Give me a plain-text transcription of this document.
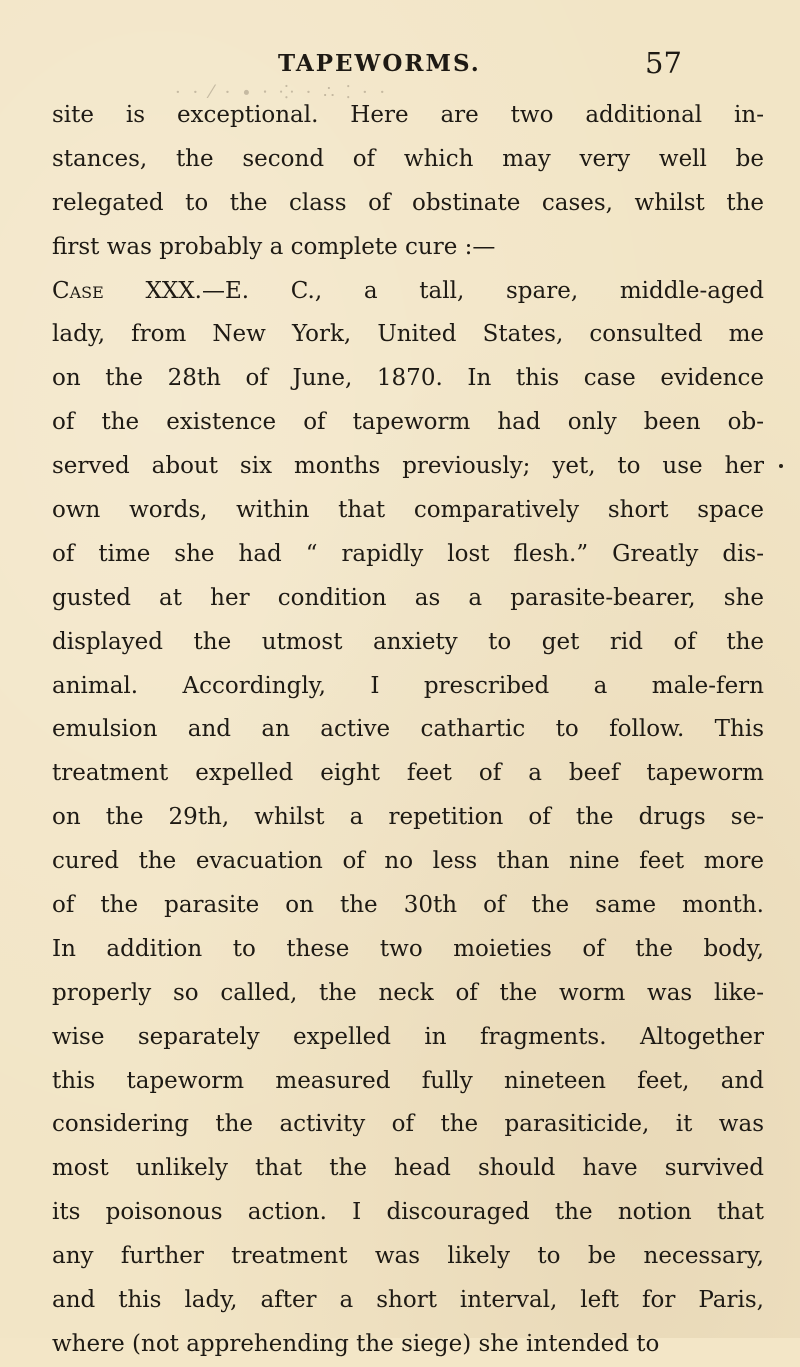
TAPEWORMS.	57
· · ⁄ · ∙ ⸱ ⁘ · ∴ ⁚ · ·
site is exceptional. Here are two additional in-
stances, the second of which may very well be
relegated to the class of obstinate cases, whilst the
first was probably a complete cure :—
Case XXX.—E. C., a tall, spare, middle-aged
lady, from New York, United States, consulted me
on the 28th of June, 1870. In this case evidence
of the existence of tapeworm had only been ob-
served about six months previously; yet, to use her
own words, within that comparatively short space
of time she had “ rapidly lost flesh.” Greatly dis-
gusted at her condition as a parasite-bearer, she
displayed the utmost anxiety to get rid of the
animal. Accordingly, I prescribed a male-fern
emulsion and an active cathartic to follow. This
treatment expelled eight feet of a beef tapeworm
on the 29th, whilst a repetition of the drugs se-
cured the evacuation of no less than nine feet more
of the parasite on the 30th of the same month.
In addition to these two moieties of the body,
properly so called, the neck of the worm was like-
wise separately expelled in fragments. Altogether
this tapeworm measured fully nineteen feet, and
considering the activity of the parasiticide, it was
most unlikely that the head should have survived
its poisonous action. I discouraged the notion that
any further treatment was likely to be necessary,
and this lady, after a short interval, left for Paris,
where (not apprehending the siege) she intended to
